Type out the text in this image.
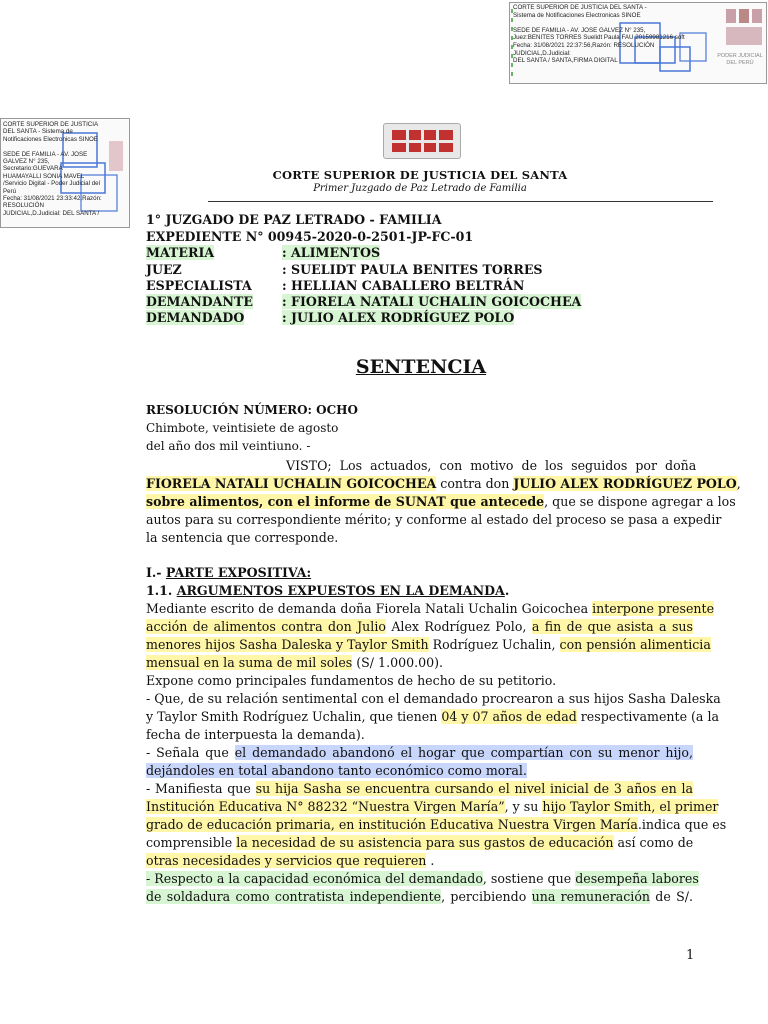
CORTE SUPERIOR DE JUSTICIA DEL SANTA -
Sistema de Notificaciones Electronicas SINOE

SEDE DE FAMILIA - AV. JOSE GALVEZ N° 235,
Juez:BENITES TORRES Suelidt Paula FAU 20159981216 soft
Fecha: 31/08/2021 22:37:56,Razón: RESOLUCIÓN JUDICIAL,D.Judicial:
DEL SANTA / SANTA,FIRMA DIGITAL
PODER JUDICIAL
DEL PERÚ
CORTE SUPERIOR DE JUSTICIA
DEL SANTA - Sistema de
Notificaciones Electronicas SINOE

SEDE DE FAMILIA - AV. JOSE
GALVEZ N° 235,
Secretario:GUEVARA
HUAMAYALLI SONIA MAVEL
/Servicio Digital - Poder Judicial del
Perú
Fecha: 31/08/2021 23:33:42,Razón:
RESOLUCIÓN
JUDICIAL,D.Judicial: DEL SANTA /
CORTE SUPERIOR DE JUSTICIA DEL SANTA
Primer Juzgado de Paz Letrado de Familia
1° JUZGADO DE PAZ LETRADO - FAMILIA
EXPEDIENTE N° 00945-2020-0-2501-JP-FC-01
MATERIA	: ALIMENTOS
JUEZ	: SUELIDT PAULA BENITES TORRES
ESPECIALISTA : HELLIAN CABALLERO BELTRÁN
DEMANDANTE : FIORELA NATALI UCHALIN GOICOCHEA
DEMANDADO	: JULIO ALEX RODRÍGUEZ POLO
SENTENCIA
RESOLUCIÓN NÚMERO: OCHO
Chimbote, veintisiete de agosto
del año dos mil veintiuno. -
VISTO;  Los  actuados,  con  motivo  de  los  seguidos  por  doña
FIORELA NATALI UCHALIN GOICOCHEA contra don JULIO ALEX RODRÍGUEZ POLO,
sobre alimentos, con el informe de SUNAT que antecede, que se dispone agregar a los
autos para su correspondiente mérito; y conforme al estado del proceso se pasa a expedir
la sentencia que corresponde.
I.- PARTE EXPOSITIVA:
1.1. ARGUMENTOS EXPUESTOS EN LA DEMANDA.
Mediante escrito de demanda doña Fiorela Natali Uchalin Goicochea interpone presente
acción de alimentos contra don Julio Alex Rodríguez Polo, a fin de que asista a sus
menores hijos Sasha Daleska y Taylor Smith Rodríguez Uchalin, con pensión alimenticia
mensual en la suma de mil soles (S/ 1.000.00).
Expone como principales fundamentos de hecho de su petitorio.
- Que, de su relación sentimental con el demandado procrearon a sus hijos Sasha Daleska
y Taylor Smith Rodríguez Uchalin, que tienen 04 y 07 años de edad respectivamente (a la
fecha de interpuesta la demanda).
- Señala que el demandado abandonó el hogar que compartían con su menor hijo,
dejándoles en total abandono tanto económico como moral.
- Manifiesta que su hija Sasha se encuentra cursando el nivel inicial de 3 años en la
Institución Educativa N° 88232 “Nuestra Virgen María”, y su hijo Taylor Smith, el primer
grado de educación primaria, en institución Educativa Nuestra Virgen María.indica que es
comprensible la necesidad de su asistencia para sus gastos de educación así como de
otras necesidades y servicios que requieren .
- Respecto a la capacidad económica del demandado, sostiene que desempeña labores
de soldadura como contratista independiente, percibiendo una remuneración de S/.
1
